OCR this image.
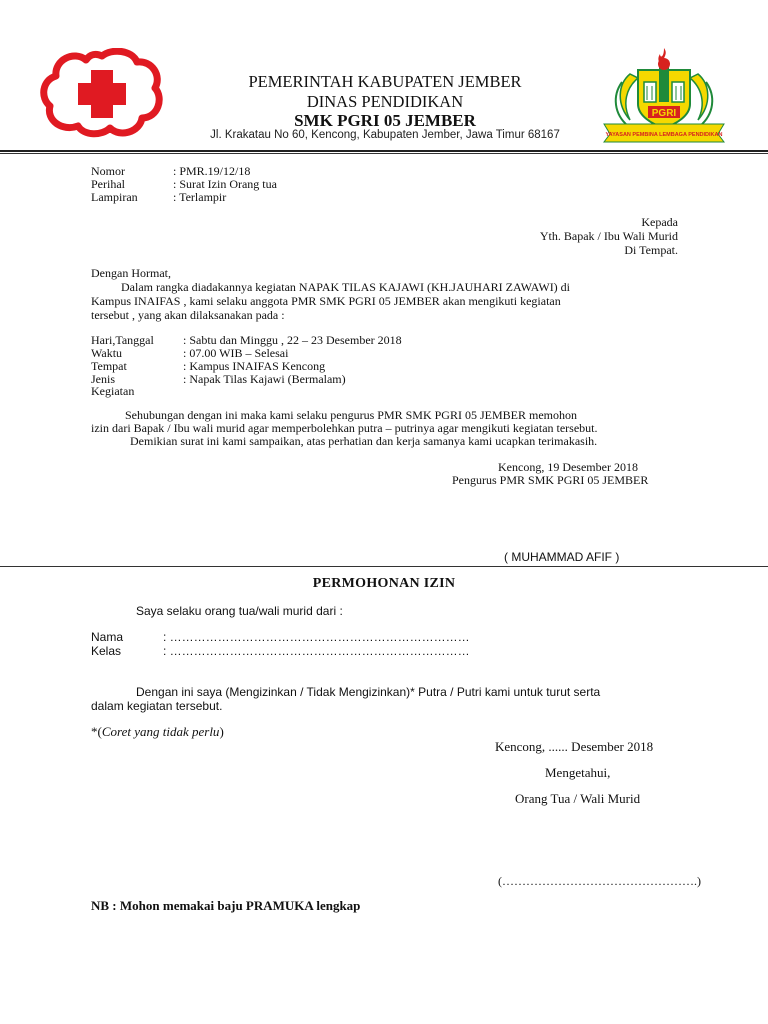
PEMERINTAH KABUPATEN JEMBER
DINAS PENDIDIKAN
SMK PGRI 05 JEMBER
Jl. Krakatau No 60, Kencong, Kabupaten Jember, Jawa Timur 68167
PGRI
YAYASAN PEMBINA LEMBAGA PENDIDIKAN
Nomor	: PMR.19/12/18
Perihal	: Surat Izin Orang tua
Lampiran	: Terlampir
Kepada
Yth. Bapak / Ibu Wali Murid
Di Tempat.
Dengan Hormat,
Dalam rangka diadakannya kegiatan NAPAK TILAS KAJAWI (KH.JAUHARI ZAWAWI) di
Kampus INAIFAS , kami selaku anggota PMR SMK PGRI 05 JEMBER akan mengikuti kegiatan
tersebut , yang akan dilaksanakan pada :
Hari,Tanggal : Sabtu dan Minggu , 22 – 23 Desember 2018
Waktu	: 07.00 WIB – Selesai
Tempat	: Kampus INAIFAS Kencong
Jenis	: Napak Tilas Kajawi (Bermalam)
Kegiatan
Sehubungan dengan ini maka kami selaku pengurus PMR SMK PGRI 05 JEMBER memohon
izin dari Bapak / Ibu wali murid agar memperbolehkan putra – putrinya agar mengikuti kegiatan tersebut.
Demikian surat ini kami sampaikan, atas perhatian dan kerja samanya kami ucapkan terimakasih.
Kencong, 19 Desember 2018
Pengurus PMR SMK PGRI 05 JEMBER
( MUHAMMAD AFIF )
PERMOHONAN IZIN
Saya selaku orang tua/wali murid dari :
Nama	: …………………………………………………………………
Kelas	: …………………………………………………………………
Dengan ini saya (Mengizinkan / Tidak Mengizinkan)* Putra / Putri kami untuk turut serta
dalam kegiatan tersebut.
*(Coret yang tidak perlu)
Kencong, ...... Desember 2018
Mengetahui,
Orang Tua / Wali Murid
(………………………………………….)
NB : Mohon memakai baju PRAMUKA lengkap
